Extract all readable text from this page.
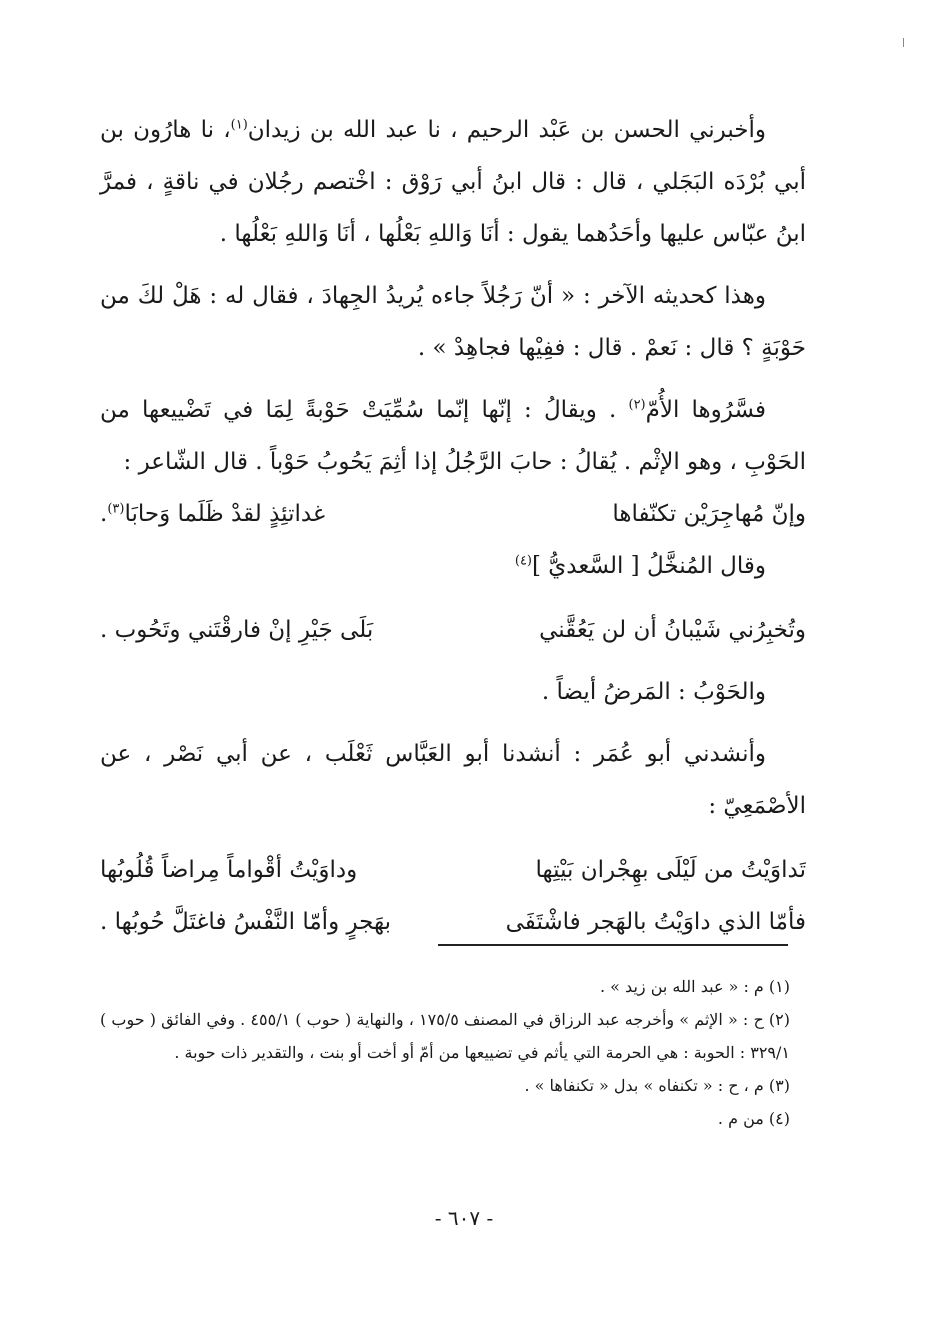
وأخبرني الحسن بن عَبْد الرحيم ، نا عبد الله بن زيدان$^{(١)}$، نا هارُون بن أبي بُرْدَه البَجَلي ، قال : قال ابنُ أبي رَوْق : اخْتصم رجُلان في ناقةٍ ، فمرَّ ابنُ عبّاس عليها وأحَدُهما يقول : أنَا وَاللهِ بَعْلُها ، أنَا وَاللهِ بَعْلُها .

وهذا كحديثه الآخر : « أنّ رَجُلاً جاءه يُريدُ الجِهادَ ، فقال له : هَلْ لكَ من حَوْبَةٍ ؟ قال : نَعمْ . قال : ففِيْها فجاهِدْ » .

فسَّرُوها الأُمّ$^{(٢)}$ . ويقالُ : إنّها إنّما سُمِّيَتْ حَوْبةً لِمَا في تَضْييعها من الحَوْبِ ، وهو الإثْم . يُقالُ : حابَ الرَّجُلُ إذا أثِمَ يَحُوبُ حَوْباً . قال الشّاعر :

وإنّ مُهاجِرَيْن تكنّفاها
غداتئِذٍ لقدْ ظَلَما وَحابَا$^{(٣)}$.

وقال المُنخَّلُ [ السَّعديُّ ]$^{(٤)}$

وتُخبِرُني شَيْبانُ أن لن يَعُقَّني
بَلَى جَيْرِ إنْ فارقْتَني وتَحُوب .

والحَوْبُ : المَرضُ أيضاً .

وأنشدني أبو عُمَر : أنشدنا أبو العَبَّاس ثَعْلَب ، عن أبي نَصْر ، عن الأصْمَعِيّ :

تَداوَيْتُ من لَيْلَى بهِجْران بَيْتِها
وداوَيْتُ أقْواماً مِراضاً قُلُوبُها
فأمّا الذي داوَيْتُ بالهَجر فاشْتَفَى
بهَجرٍ وأمّا النَّفْسُ فاغتَلَّ حُوبُها .

(١) م : « عبد الله بن زيد » .

(٢) ح : « الإثم » وأخرجه عبد الرزاق في المصنف ١٧٥/٥ ، والنهاية ( حوب ) ٤٥٥/١ . وفي الفائق ( حوب ) ٣٢٩/١ : الحوبة : هي الحرمة التي يأثم في تضييعها من أمّ أو أخت أو بنت ، والتقدير ذات حوبة .

(٣) م ، ح : « تكنفاه » بدل « تكنفاها » .

(٤) من م .

- ٦٠٧ -
